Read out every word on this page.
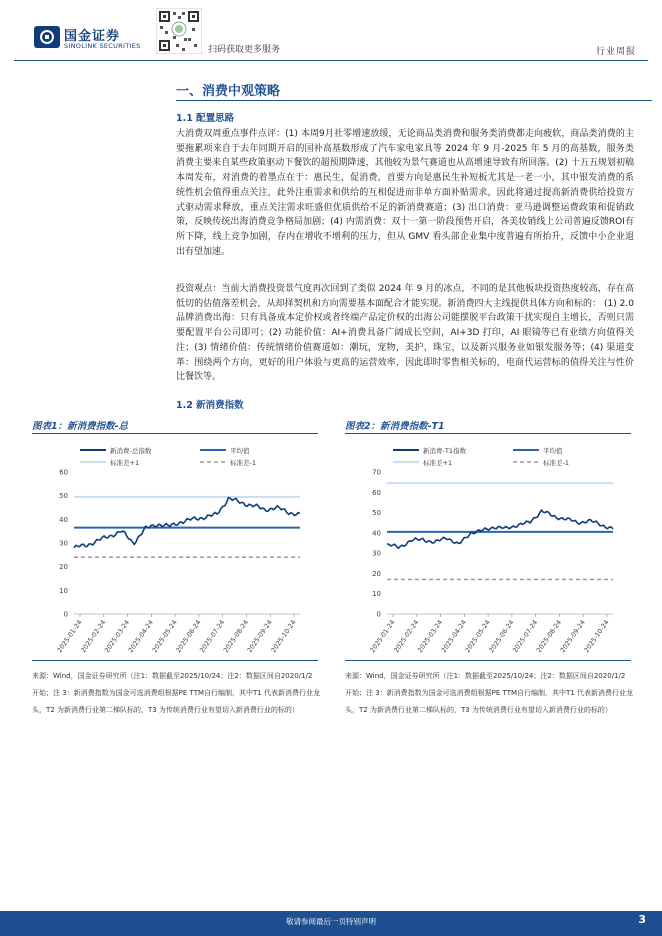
国金证券
SINOLINK SECURITIES	扫码获取更多服务	行业周报
一、消费中观策略
1.1 配置思路

大消费双周重点事件点评：(1) 本周9月社零增速放缓，无论商品类消费和服务类消费都走向疲软，商品类消费的主要拖累项来自于去年同期开启的国补高基数形成了汽车家电家具等 2024 年 9 月-2025 年 5 月的高基数，服务类消费主要来自某些政策驱动下餐饮的超预期降速，其他较为景气赛道也从高增速导致有所回落。(2) 十五五规划初稿本周发布，对消费的着墨点在于：惠民生，促消费，首要方向是惠民生补短板尤其是一老一小，其中银发消费的系统性机会值得重点关注，此外注重需求和供给的互相促进而非单方面补贴需求，因此将通过提高新消费供给投资方式驱动需求释放，重点关注需求旺盛但优质供给不足的新消费赛道；(3) 出口消费：亚马逊调整运费政策和促销政策，反映传统出海消费竞争格局加剧；(4) 内需消费：双十一第一阶段预售开启，各美妆销线上公司普遍反馈ROI有所下降，线上竞争加剧，存内在增收不增利的压力，但从 GMV 看头部企业集中度普遍有所抬升，反馈中小企业退出有望加速。

投资观点：当前大消费投资景气度再次回到了类似 2024 年 9 月的冰点，不同的是其他板块投资热度较高，存在高低切的估值落差机会，从却择契机和方向需要基本面配合才能实现。新消费四大主线提供具体方向和标的： (1) 2.0品牌消费出海：只有具备成本定价权或者终端产品定价权的出海公司能摆脱平台政策干扰实现自主增长，否则只需要配置平台公司即可；(2) 功能价值：AI+消费具备广阔成长空间，AI+3D 打印，AI 眼镜等已有业绩方向值得关注；(3) 情绪价值：传统情绪价值赛道如：潮玩，宠物，美护，珠宝，以及新兴服务业如银发服务等；(4) 渠道变革：围绕两个方向，更好的用户体验与更高的运营效率，因此即时零售相关标的，电商代运营标的值得关注与性价比餐饮等。

1.2 新消费指数
图表1：新消费指数-总
新消费-总指数	平均值
标准差+1	标准差-1
0
10
20
30
40
50
60
2025-01-24
2025-02-24
2025-03-24
2025-04-24
2025-05-24
2025-06-24
2025-07-24
2025-08-24
2025-09-24
2025-10-24

来源：Wind，国金证券研究所（注1：数据截至2025/10/24；注2：数据区间自2020/1/2 开始；注 3：新消费指数为国金可选消费组根据PE TTM自行编制，其中T1 代表新消费行业龙头，T2 为新消费行业第二梯队标的，T3 为传统消费行业有望切入新消费行业的标的）

图表2：新消费指数-T1
新消费-T1指数	平均值
标准差+1	标准差-1
0
10
20
30
40
50
60
70
2025-01-24
2025-02-24
2025-03-24
2025-04-24
2025-05-24
2025-06-24
2025-07-24
2025-08-24
2025-09-24
2025-10-24

来源：Wind，国金证券研究所（注1：数据截至2025/10/24；注2：数据区间自2020/1/2 开始；注 3：新消费指数为国金可选消费组根据PE TTM自行编制，其中T1 代表新消费行业龙头，T2 为新消费行业第二梯队标的，T3 为传统消费行业有望切入新消费行业的标的）

敬请参阅最后一页特别声明	3
